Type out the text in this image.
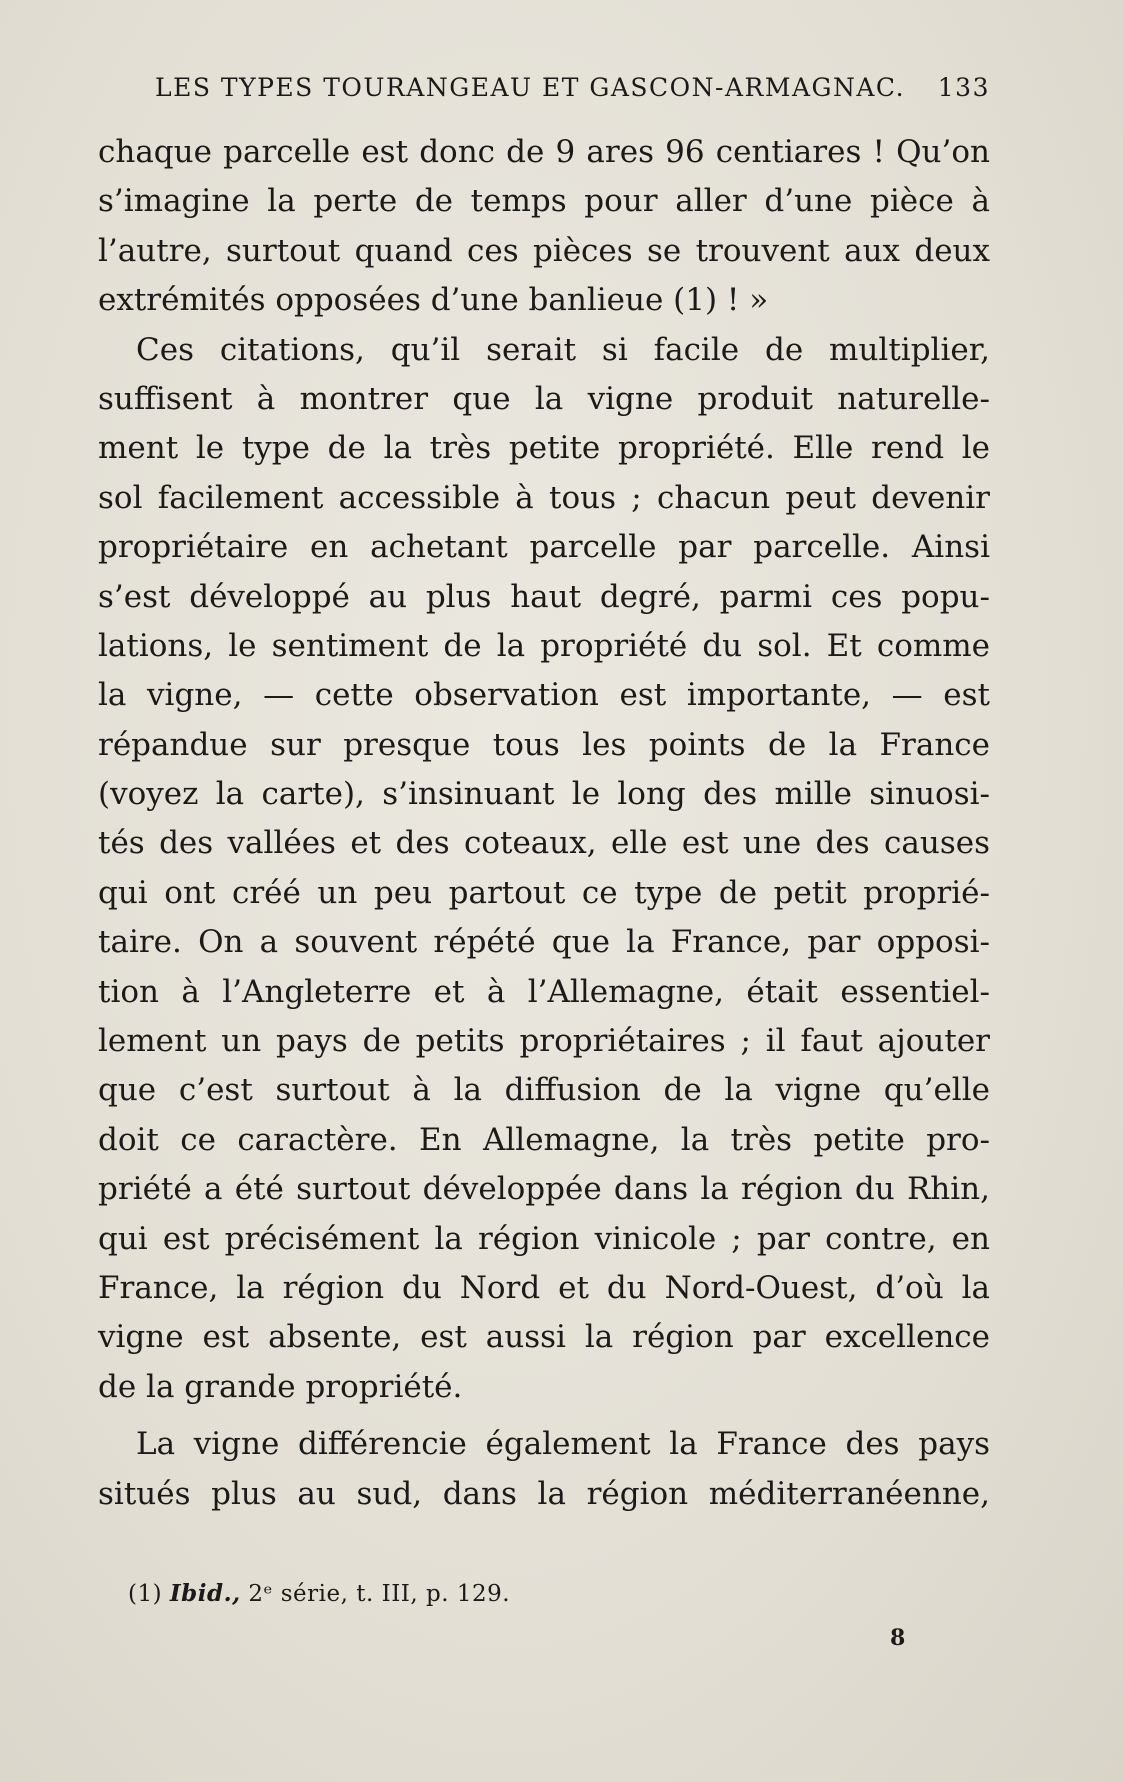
LES TYPES TOURANGEAU ET GASCON-ARMAGNAC. 133
chaque parcelle est donc de 9 ares 96 centiares ! Qu’on
s’imagine la perte de temps pour aller d’une pièce à
l’autre, surtout quand ces pièces se trouvent aux deux
extrémités opposées d’une banlieue (1) ! »
Ces citations, qu’il serait si facile de multiplier,
suffisent à montrer que la vigne produit naturelle-
ment le type de la très petite propriété. Elle rend le
sol facilement accessible à tous ; chacun peut devenir
propriétaire en achetant parcelle par parcelle. Ainsi
s’est développé au plus haut degré, parmi ces popu-
lations, le sentiment de la propriété du sol. Et comme
la vigne, — cette observation est importante, — est
répandue sur presque tous les points de la France
(voyez la carte), s’insinuant le long des mille sinuosi-
tés des vallées et des coteaux, elle est une des causes
qui ont créé un peu partout ce type de petit proprié-
taire. On a souvent répété que la France, par opposi-
tion à l’Angleterre et à l’Allemagne, était essentiel-
lement un pays de petits propriétaires ; il faut ajouter
que c’est surtout à la diffusion de la vigne qu’elle
doit ce caractère. En Allemagne, la très petite pro-
priété a été surtout développée dans la région du Rhin,
qui est précisément la région vinicole ; par contre, en
France, la région du Nord et du Nord-Ouest, d’où la
vigne est absente, est aussi la région par excellence
de la grande propriété.
La vigne différencie également la France des pays
situés plus au sud, dans la région méditerranéenne,
(1) Ibid., 2ᵉ série, t. III, p. 129.
8
